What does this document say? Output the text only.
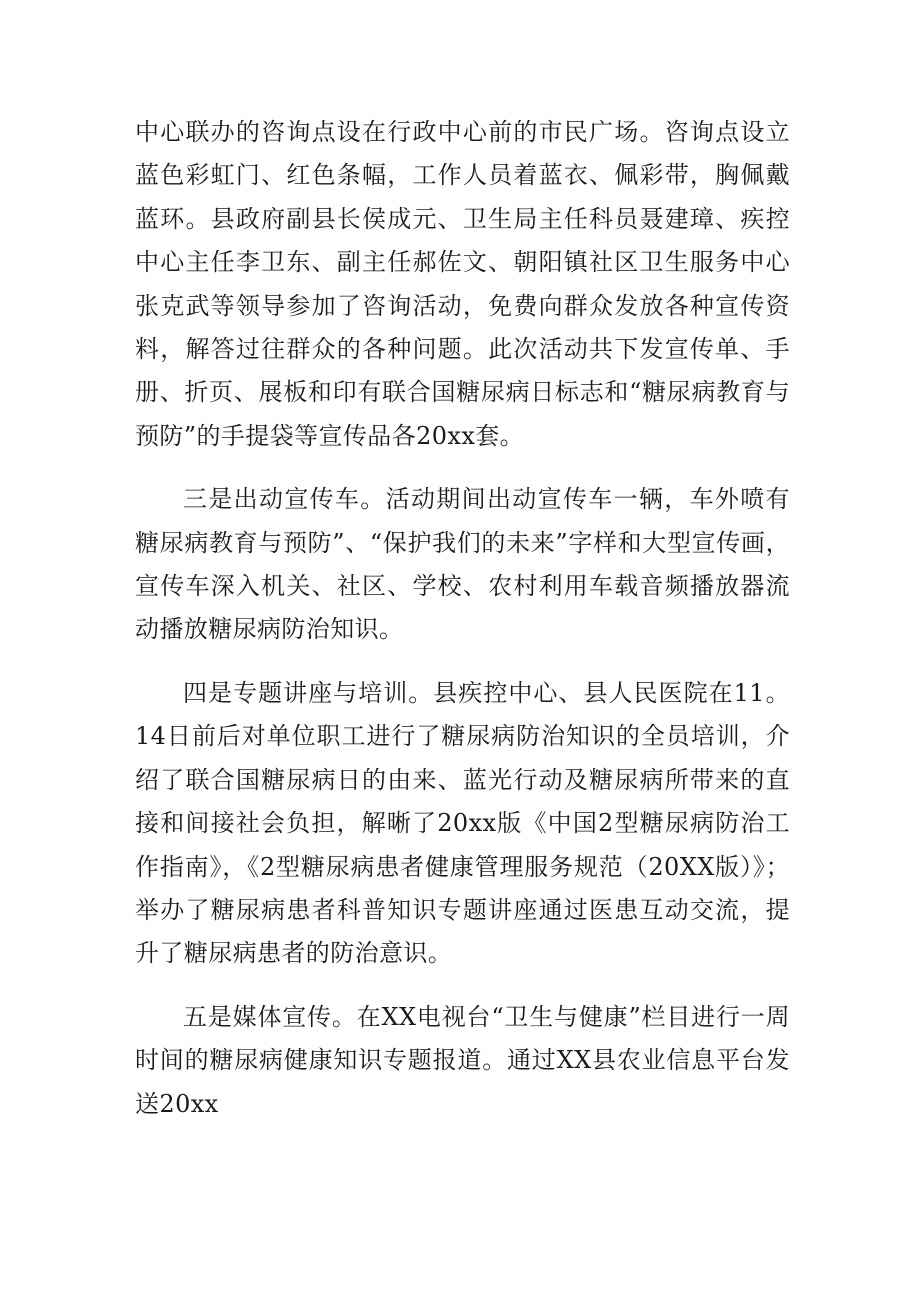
中心联办的咨询点设在行政中心前的市民广场。咨询点设立蓝色彩虹门、红色条幅，工作人员着蓝衣、佩彩带，胸佩戴蓝环。县政府副县长侯成元、卫生局主任科员聂建璋、疾控中心主任李卫东、副主任郝佐文、朝阳镇社区卫生服务中心张克武等领导参加了咨询活动，免费向群众发放各种宣传资料，解答过往群众的各种问题。此次活动共下发宣传单、手册、折页、展板和印有联合国糖尿病日标志和“糖尿病教育与预防”的手提袋等宣传品各20xx套。

三是出动宣传车。活动期间出动宣传车一辆，车外喷有糖尿病教育与预防”、“保护我们的未来”字样和大型宣传画，宣传车深入机关、社区、学校、农村利用车载音频播放器流动播放糖尿病防治知识。

四是专题讲座与培训。县疾控中心、县人民医院在11。14日前后对单位职工进行了糖尿病防治知识的全员培训，介绍了联合国糖尿病日的由来、蓝光行动及糖尿病所带来的直接和间接社会负担，解晰了20xx版《中国2型糖尿病防治工作指南》，《2型糖尿病患者健康管理服务规范（20XX版）》；举办了糖尿病患者科普知识专题讲座通过医患互动交流，提升了糖尿病患者的防治意识。

五是媒体宣传。在XX电视台“卫生与健康”栏目进行一周时间的糖尿病健康知识专题报道。通过XX县农业信息平台发送20xx
